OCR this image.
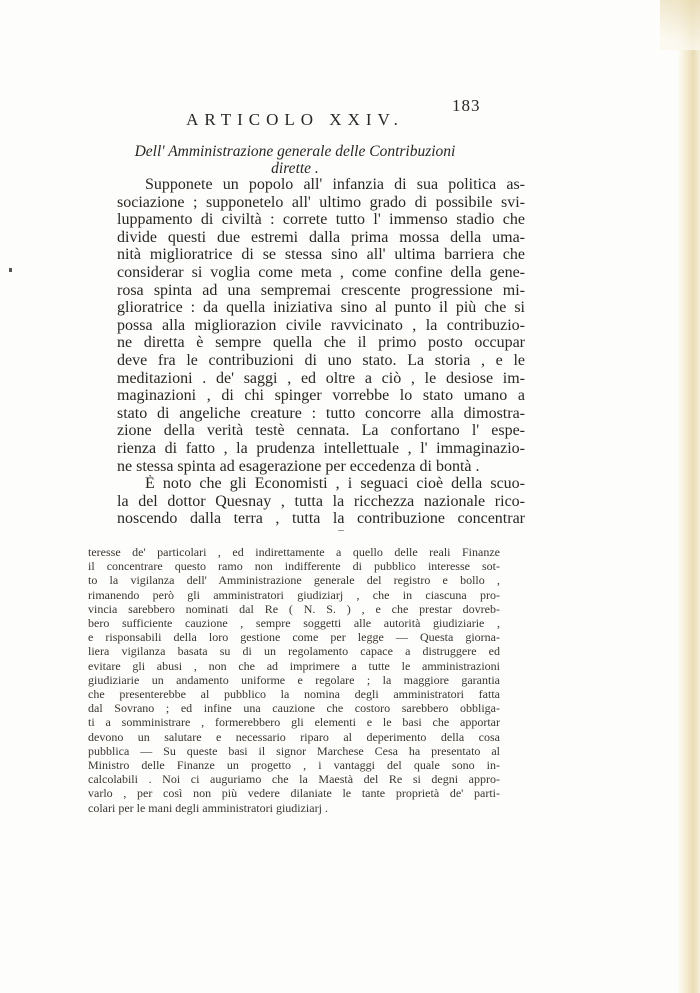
183
ARTICOLO XXIV.
Dell' Amministrazione generale delle Contribuzioni
dirette .
Supponete un popolo all' infanzia di sua politica as-
sociazione ; supponetelo all' ultimo grado di possibile svi-
luppamento di civiltà : correte tutto l' immenso stadio che
divide questi due estremi dalla prima mossa della uma-
nità miglioratrice di se stessa sino all' ultima barriera che
considerar si voglia come meta , come confine della gene-
rosa spinta ad una sempremai crescente progressione mi-
glioratrice : da quella iniziativa sino al punto il più che si
possa alla miglioraziоn civile ravvicinato , la contribuzio-
ne diretta è sempre quella che il primo posto occupar
deve fra le contribuzioni di uno stato. La storia , e le
meditazioni . de' saggi , ed oltre a ciò , le desiose im-
maginazioni , di chi spinger vorrebbe lo stato umano a
stato di angeliche creature : tutto concorre alla dimostra-
zione della verità testè cennata. La confortano l' espe-
rienza di fatto , la prudenza intellettuale , l' immaginazio-
ne stessa spinta ad esagerazione per eccedenza di bontà .
È noto che gli Economisti , i seguaci cioè della scuo-
la del dottor Quesnay , tutta la ricchezza nazionale rico-
noscendo dalla terra , tutta la contribuzione concentrar
teresse de' particolari , ed indirettamente a quello delle reali Finanze
il concentrare questo ramo non indifferente di pubblico interesse sot-
to la vigilanza dell' Amministrazione generale del registro e bollo ,
rimanendo però gli amministratori giudiziarj , che in ciascuna pro-
vincia sarebbero nominati dal Re ( N. S. ) , e che prestar dovreb-
bero sufficiente cauzione , sempre soggetti alle autorità giudiziarie ,
e risponsabili della loro gestione come per legge — Questa giorna-
liera vigilanza basata su di un regolamento capace a distruggere ed
evitare gli abusi , non che ad imprimere a tutte le amministrazioni
giudiziarie un andamento uniforme e regolare ; la maggiore garantia
che presenterebbe al pubblico la nomina degli amministratori fatta
dal Sovrano ; ed infine una cauzione che costoro sarebbero obbliga-
ti a somministrare , formerebbero gli elementi e le basi che apportar
devono un salutare e necessario riparo al deperimento della cosa
pubblica — Su queste basi il signor Marchese Cesa ha presentato al
Ministro delle Finanze un progetto , i vantaggi del quale sono in-
calcolabili . Noi ci auguriamo che la Maestà del Re si degni appro-
varlo , per così non più vedere dilaniate le tante proprietà de' parti-
colari per le mani degli amministratori giudiziarj .
